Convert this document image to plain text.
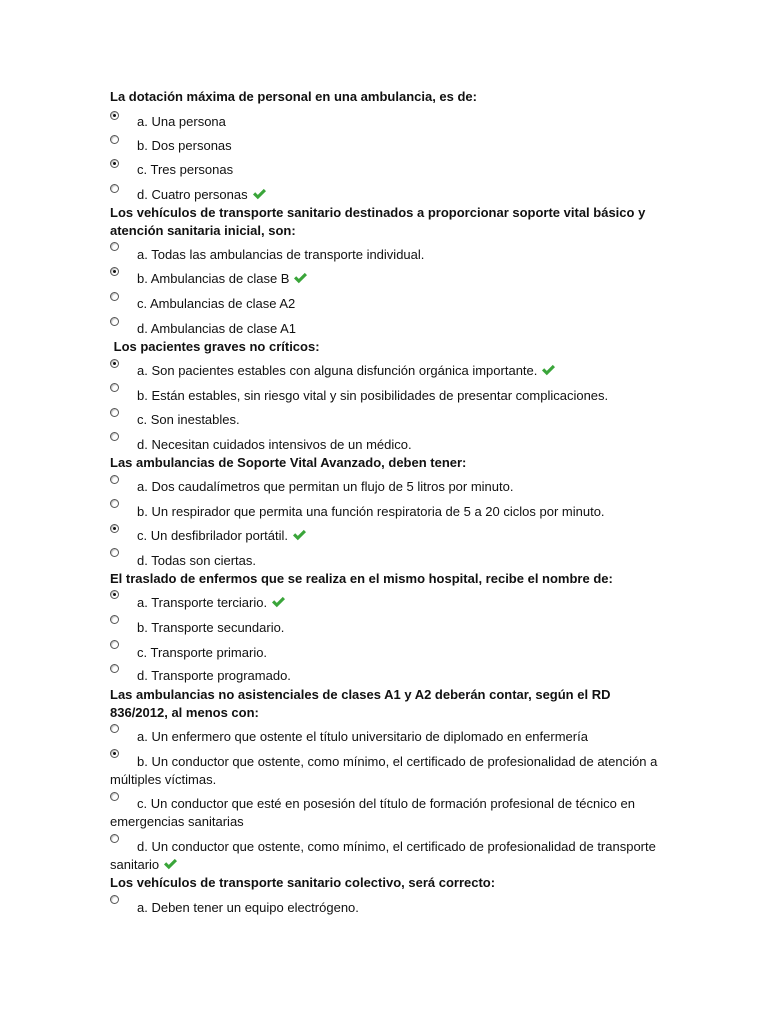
La dotación máxima de personal en una ambulancia, es de:
a. Una persona
b. Dos personas
c. Tres personas
d. Cuatro personas
Los vehículos de transporte sanitario destinados a proporcionar soporte vital básico y atención sanitaria inicial, son:
a. Todas las ambulancias de transporte individual.
b. Ambulancias de clase B
c. Ambulancias de clase A2
d. Ambulancias de clase A1
Los pacientes graves no críticos:
a. Son pacientes estables con alguna disfunción orgánica importante.
b. Están estables, sin riesgo vital y sin posibilidades de presentar complicaciones.
c. Son inestables.
d. Necesitan cuidados intensivos de un médico.
Las ambulancias de Soporte Vital Avanzado, deben tener:
a. Dos caudalímetros que permitan un flujo de 5 litros por minuto.
b. Un respirador que permita una función respiratoria de 5 a 20 ciclos por minuto.
c. Un desfibrilador portátil.
d. Todas son ciertas.
El traslado de enfermos que se realiza en el mismo hospital, recibe el nombre de:
a. Transporte terciario.
b. Transporte secundario.
c. Transporte primario.
d. Transporte programado.
Las ambulancias no asistenciales de clases A1 y A2 deberán contar, según el RD 836/2012, al menos con:
a. Un enfermero que ostente el título universitario de diplomado en enfermería
b. Un conductor que ostente, como mínimo, el certificado de profesionalidad de atención a múltiples víctimas.
c. Un conductor que esté en posesión del título de formación profesional de técnico en emergencias sanitarias
d. Un conductor que ostente, como mínimo, el certificado de profesionalidad de transporte sanitario
Los vehículos de transporte sanitario colectivo, será correcto:
a. Deben tener un equipo electrógeno.
